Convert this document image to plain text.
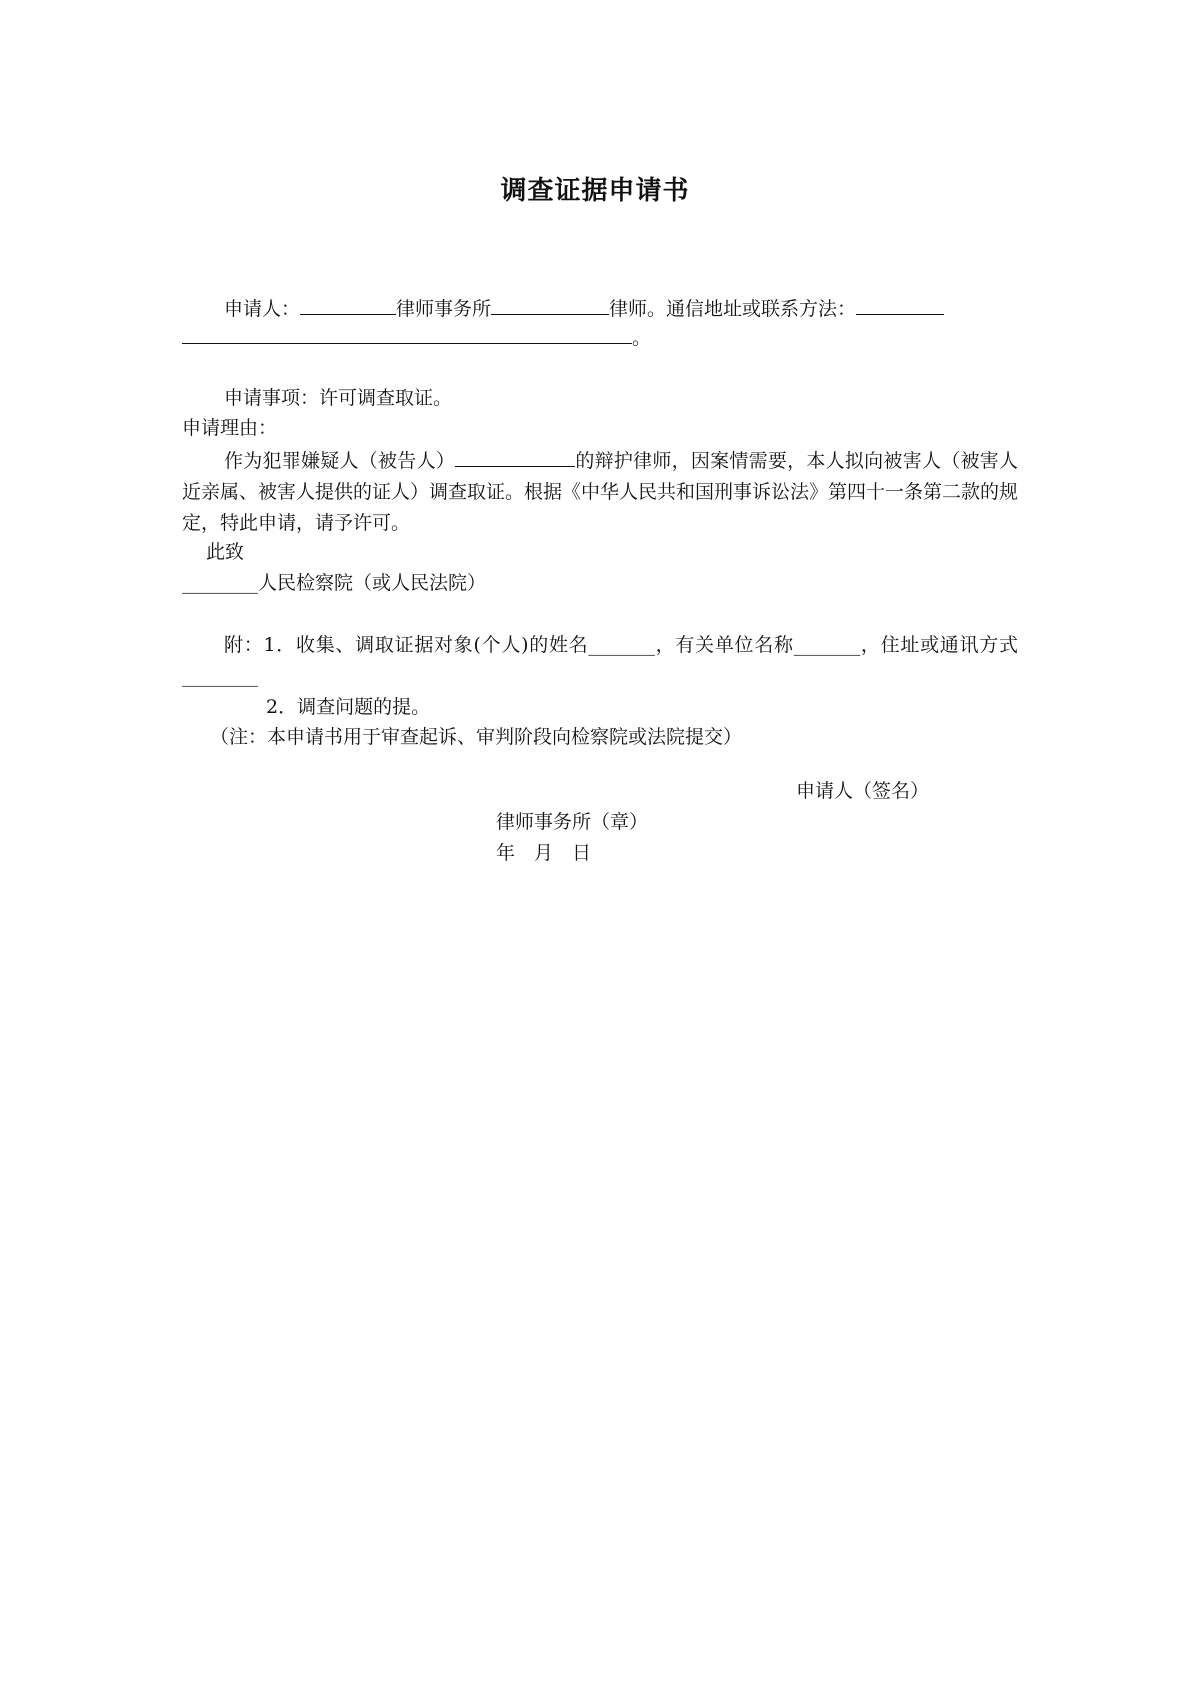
调查证据申请书
申请人：	律师事务所	律师。通信地址或联系方法：
。
申请事项：许可调查取证。
申请理由：
作为犯罪嫌疑人（被告人）	的辩护律师，因案情需要，本人拟向被害人（被害人近亲属、被害人提供的证人）调查取证。根据《中华人民共和国刑事诉讼法》第四十一条第二款的规定，特此申请，请予许可。
此致
________人民检察院（或人民法院）
附：1．收集、调取证据对象(个人)的姓名_______，有关单位名称_______，住址或通讯方式________
2．调查问题的提。
（注：本申请书用于审查起诉、审判阶段向检察院或法院提交）
申请人（签名）
律师事务所（章）
年　月　日
